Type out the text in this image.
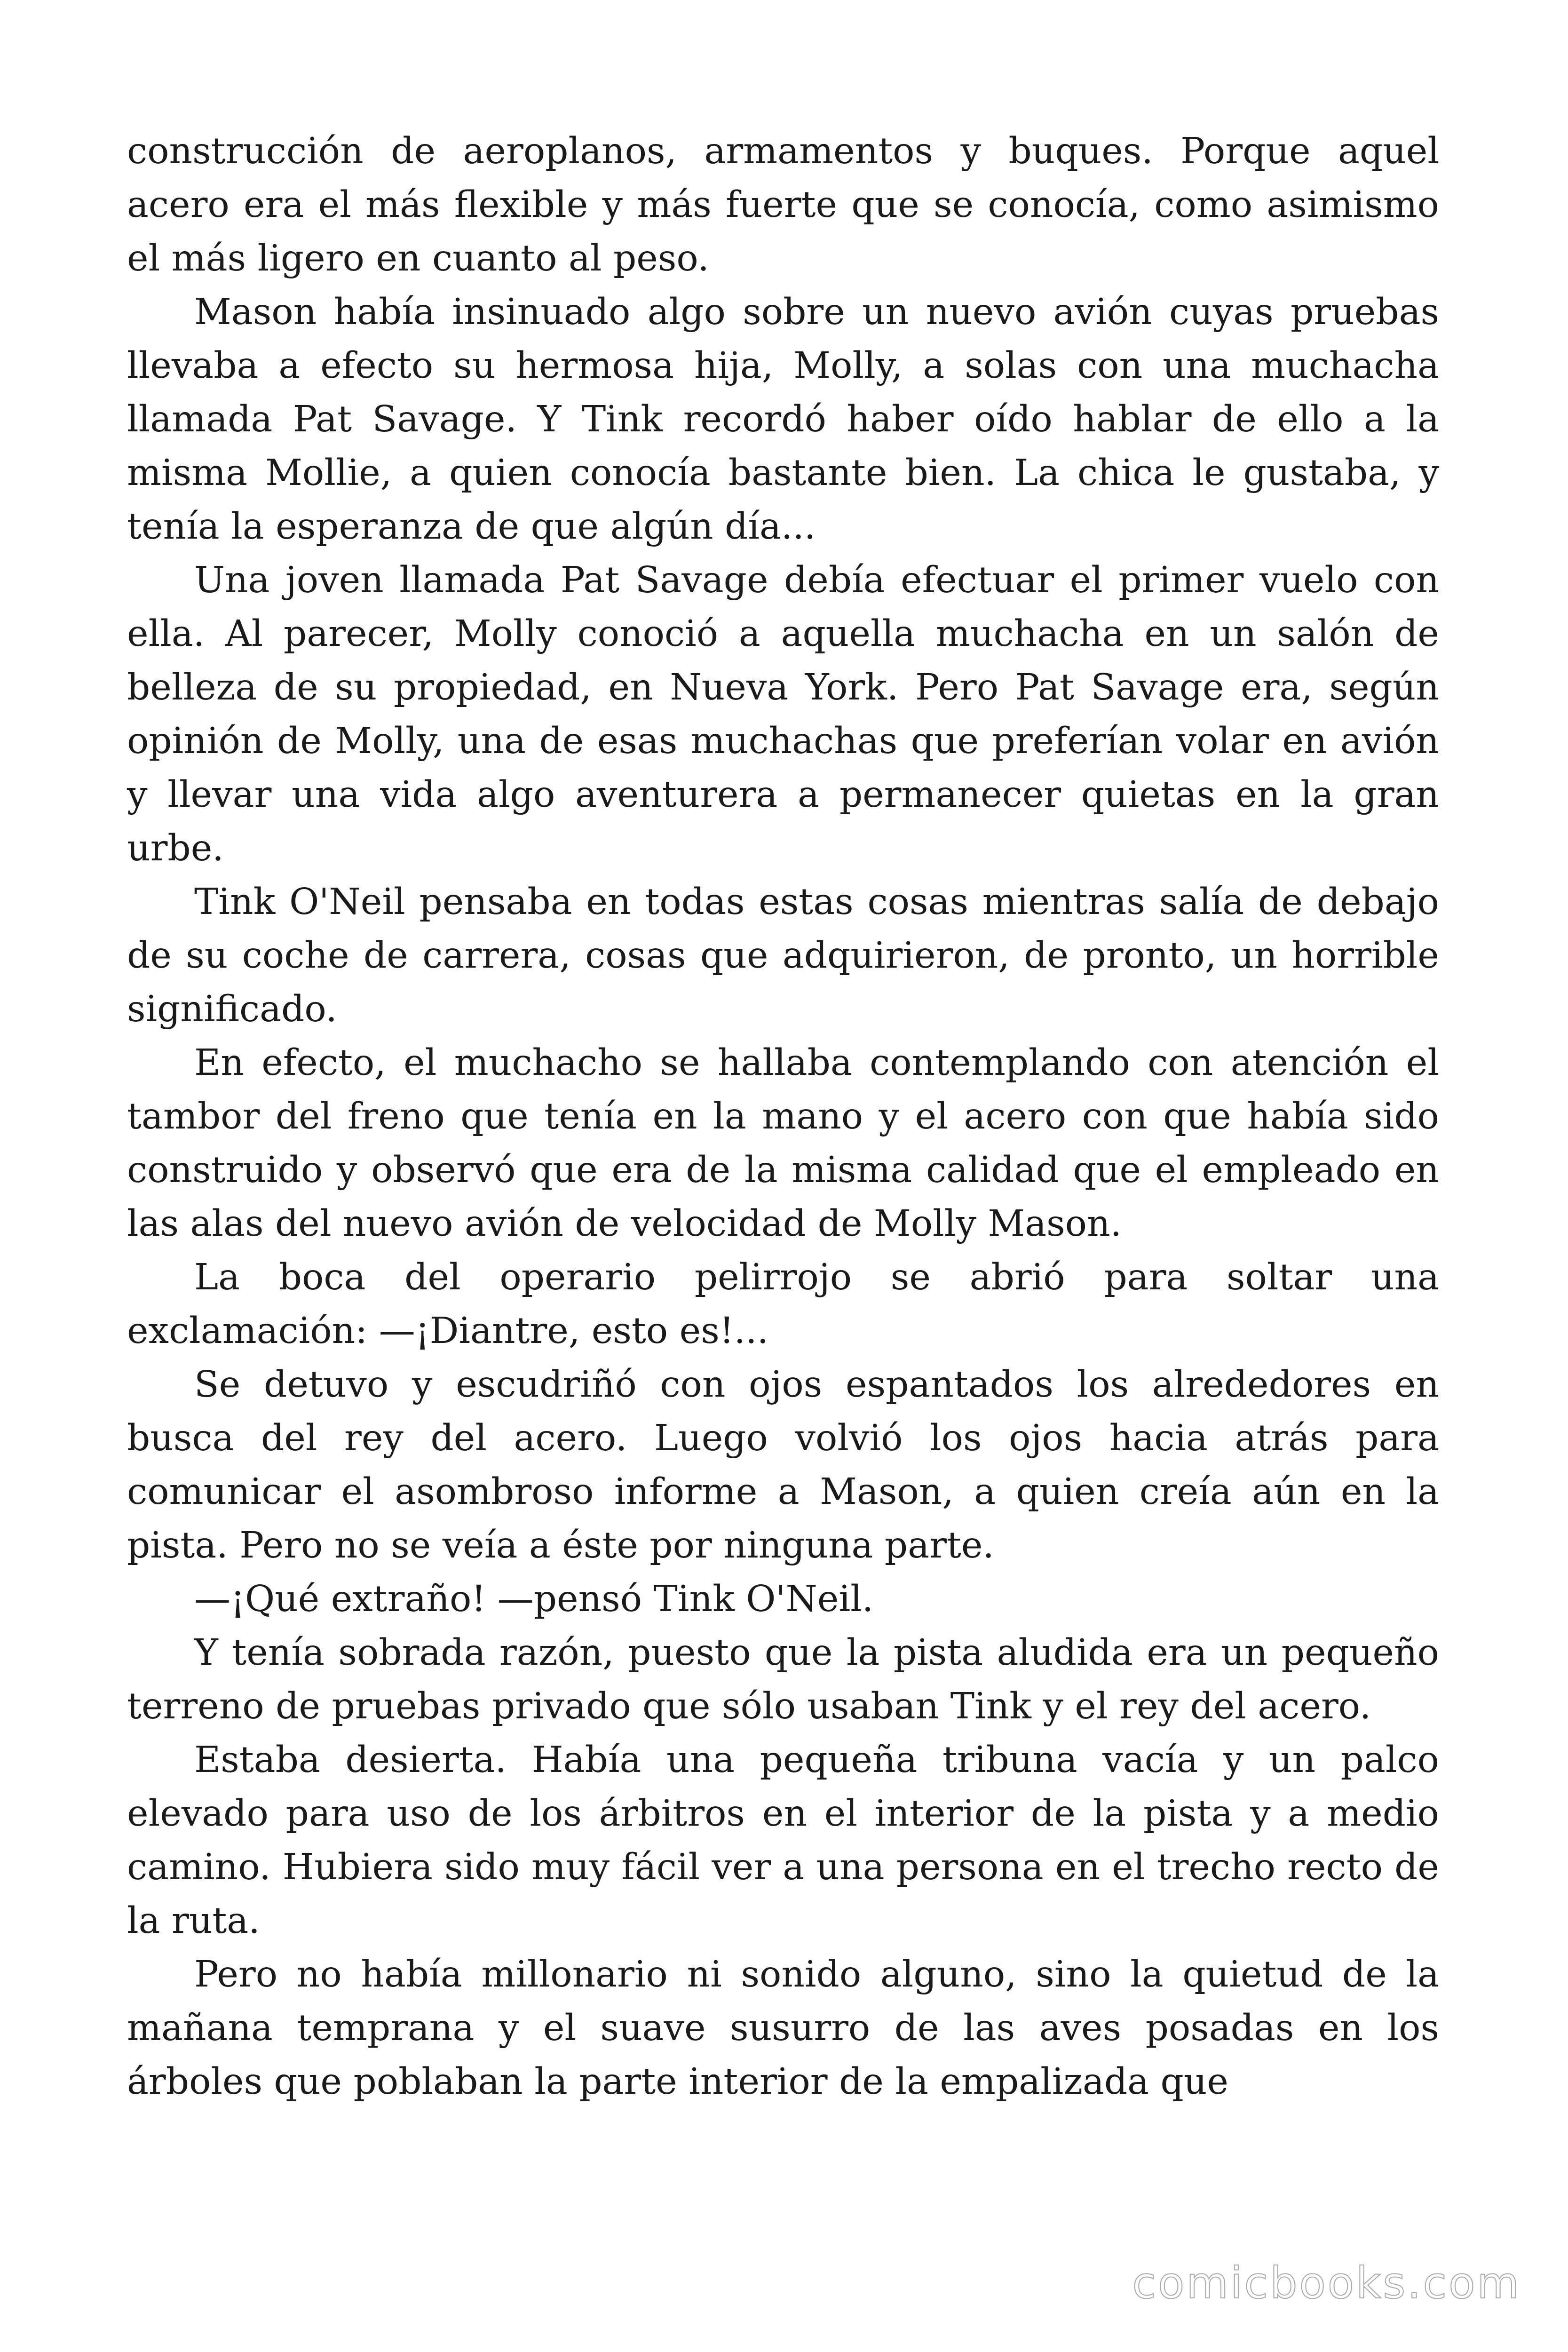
construcción de aeroplanos, armamentos y buques. Porque aquel acero era el más flexible y más fuerte que se conocía, como asimismo el más ligero en cuanto al peso.

Mason había insinuado algo sobre un nuevo avión cuyas pruebas llevaba a efecto su hermosa hija, Molly, a solas con una muchacha llamada Pat Savage. Y Tink recordó haber oído hablar de ello a la misma Mollie, a quien conocía bastante bien. La chica le gustaba, y tenía la esperanza de que algún día...

Una joven llamada Pat Savage debía efectuar el primer vuelo con ella. Al parecer, Molly conoció a aquella muchacha en un salón de belleza de su propiedad, en Nueva York. Pero Pat Savage era, según opinión de Molly, una de esas muchachas que preferían volar en avión y llevar una vida algo aventurera a permanecer quietas en la gran urbe.

Tink O'Neil pensaba en todas estas cosas mientras salía de debajo de su coche de carrera, cosas que adquirieron, de pronto, un horrible significado.

En efecto, el muchacho se hallaba contemplando con atención el tambor del freno que tenía en la mano y el acero con que había sido construido y observó que era de la misma calidad que el empleado en las alas del nuevo avión de velocidad de Molly Mason.

La boca del operario pelirrojo se abrió para soltar una exclamación: —¡Diantre, esto es!...

Se detuvo y escudriñó con ojos espantados los alrededores en busca del rey del acero. Luego volvió los ojos hacia atrás para comunicar el asombroso informe a Mason, a quien creía aún en la pista. Pero no se veía a éste por ninguna parte.

—¡Qué extraño! —pensó Tink O'Neil.

Y tenía sobrada razón, puesto que la pista aludida era un pequeño terreno de pruebas privado que sólo usaban Tink y el rey del acero.

Estaba desierta. Había una pequeña tribuna vacía y un palco elevado para uso de los árbitros en el interior de la pista y a medio camino. Hubiera sido muy fácil ver a una persona en el trecho recto de la ruta.

Pero no había millonario ni sonido alguno, sino la quietud de la mañana temprana y el suave susurro de las aves posadas en los árboles que poblaban la parte interior de la empalizada que

comicbooks.com
